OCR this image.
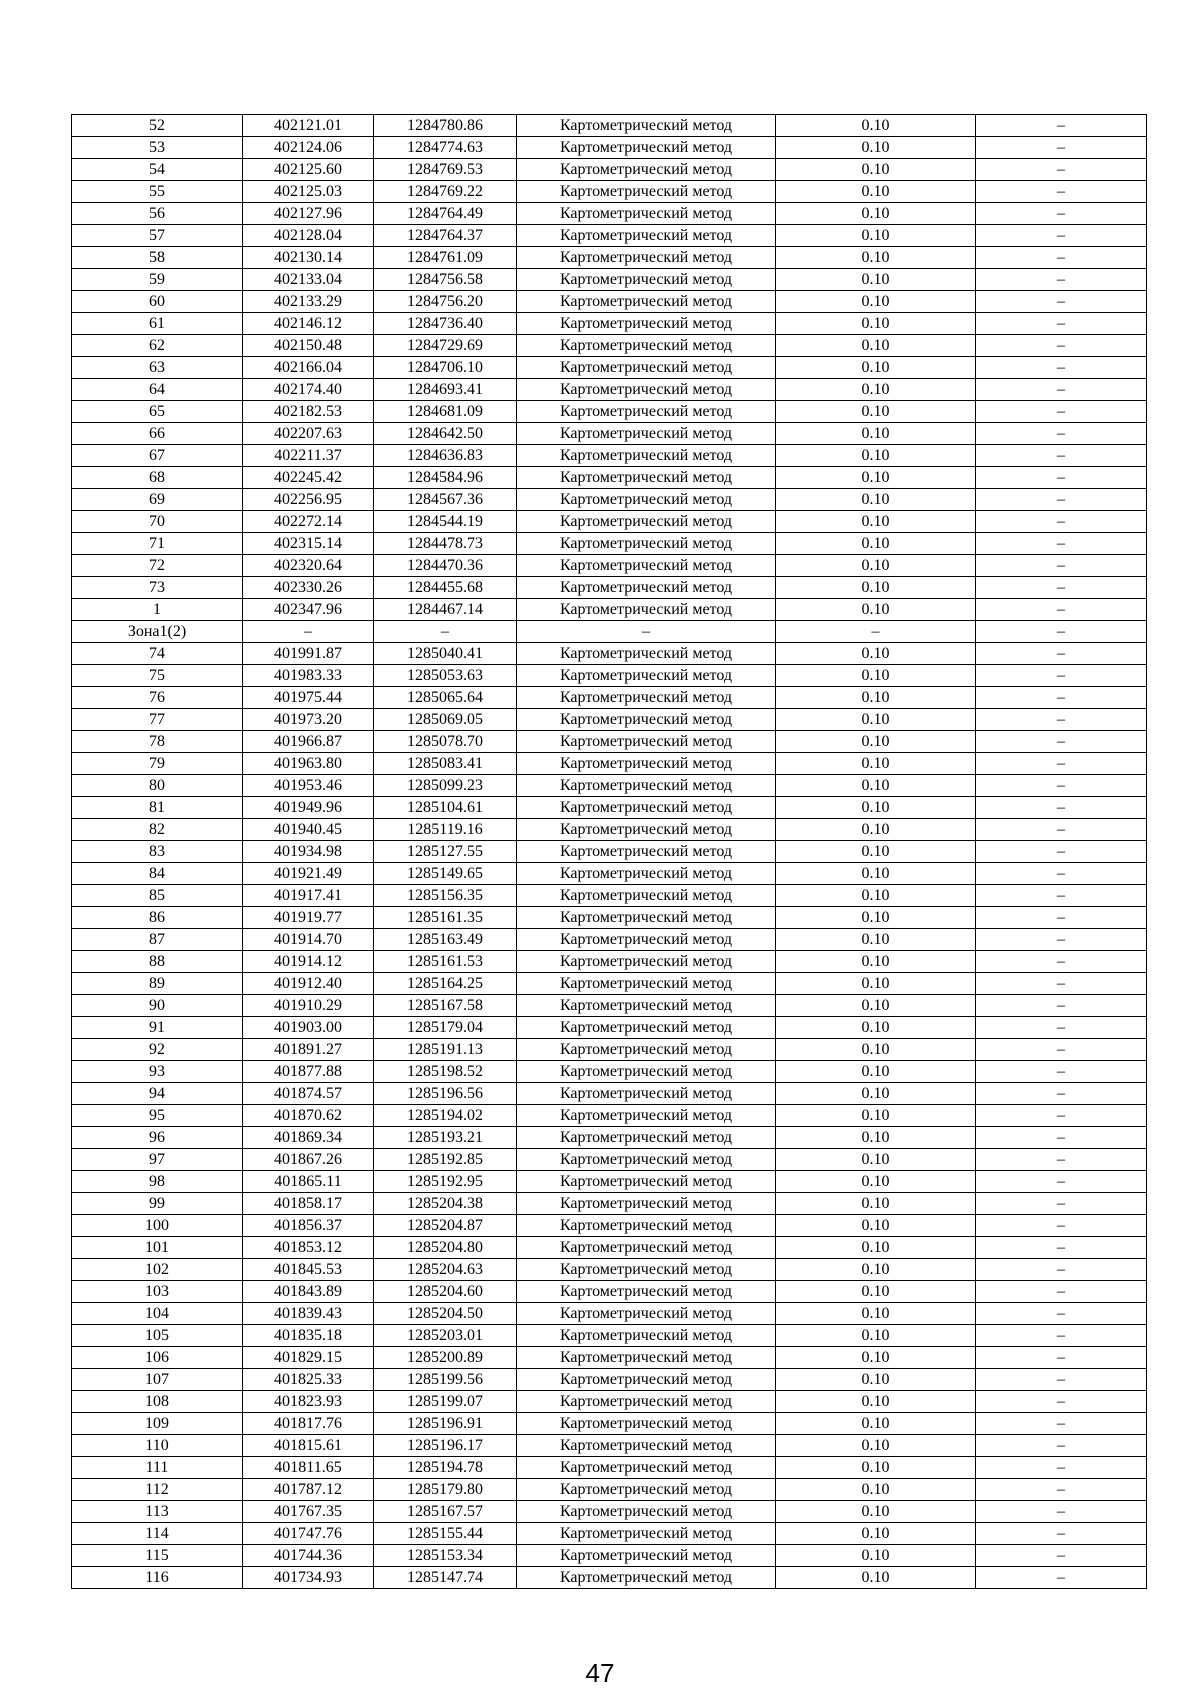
52	402121.01	1284780.86	Картометрический метод	0.10	–
53	402124.06	1284774.63	Картометрический метод	0.10	–
54	402125.60	1284769.53	Картометрический метод	0.10	–
55	402125.03	1284769.22	Картометрический метод	0.10	–
56	402127.96	1284764.49	Картометрический метод	0.10	–
57	402128.04	1284764.37	Картометрический метод	0.10	–
58	402130.14	1284761.09	Картометрический метод	0.10	–
59	402133.04	1284756.58	Картометрический метод	0.10	–
60	402133.29	1284756.20	Картометрический метод	0.10	–
61	402146.12	1284736.40	Картометрический метод	0.10	–
62	402150.48	1284729.69	Картометрический метод	0.10	–
63	402166.04	1284706.10	Картометрический метод	0.10	–
64	402174.40	1284693.41	Картометрический метод	0.10	–
65	402182.53	1284681.09	Картометрический метод	0.10	–
66	402207.63	1284642.50	Картометрический метод	0.10	–
67	402211.37	1284636.83	Картометрический метод	0.10	–
68	402245.42	1284584.96	Картометрический метод	0.10	–
69	402256.95	1284567.36	Картометрический метод	0.10	–
70	402272.14	1284544.19	Картометрический метод	0.10	–
71	402315.14	1284478.73	Картометрический метод	0.10	–
72	402320.64	1284470.36	Картометрический метод	0.10	–
73	402330.26	1284455.68	Картометрический метод	0.10	–
1	402347.96	1284467.14	Картометрический метод	0.10	–
Зона1(2)	–	–	–	–	–
74	401991.87	1285040.41	Картометрический метод	0.10	–
75	401983.33	1285053.63	Картометрический метод	0.10	–
76	401975.44	1285065.64	Картометрический метод	0.10	–
77	401973.20	1285069.05	Картометрический метод	0.10	–
78	401966.87	1285078.70	Картометрический метод	0.10	–
79	401963.80	1285083.41	Картометрический метод	0.10	–
80	401953.46	1285099.23	Картометрический метод	0.10	–
81	401949.96	1285104.61	Картометрический метод	0.10	–
82	401940.45	1285119.16	Картометрический метод	0.10	–
83	401934.98	1285127.55	Картометрический метод	0.10	–
84	401921.49	1285149.65	Картометрический метод	0.10	–
85	401917.41	1285156.35	Картометрический метод	0.10	–
86	401919.77	1285161.35	Картометрический метод	0.10	–
87	401914.70	1285163.49	Картометрический метод	0.10	–
88	401914.12	1285161.53	Картометрический метод	0.10	–
89	401912.40	1285164.25	Картометрический метод	0.10	–
90	401910.29	1285167.58	Картометрический метод	0.10	–
91	401903.00	1285179.04	Картометрический метод	0.10	–
92	401891.27	1285191.13	Картометрический метод	0.10	–
93	401877.88	1285198.52	Картометрический метод	0.10	–
94	401874.57	1285196.56	Картометрический метод	0.10	–
95	401870.62	1285194.02	Картометрический метод	0.10	–
96	401869.34	1285193.21	Картометрический метод	0.10	–
97	401867.26	1285192.85	Картометрический метод	0.10	–
98	401865.11	1285192.95	Картометрический метод	0.10	–
99	401858.17	1285204.38	Картометрический метод	0.10	–
100	401856.37	1285204.87	Картометрический метод	0.10	–
101	401853.12	1285204.80	Картометрический метод	0.10	–
102	401845.53	1285204.63	Картометрический метод	0.10	–
103	401843.89	1285204.60	Картометрический метод	0.10	–
104	401839.43	1285204.50	Картометрический метод	0.10	–
105	401835.18	1285203.01	Картометрический метод	0.10	–
106	401829.15	1285200.89	Картометрический метод	0.10	–
107	401825.33	1285199.56	Картометрический метод	0.10	–
108	401823.93	1285199.07	Картометрический метод	0.10	–
109	401817.76	1285196.91	Картометрический метод	0.10	–
110	401815.61	1285196.17	Картометрический метод	0.10	–
111	401811.65	1285194.78	Картометрический метод	0.10	–
112	401787.12	1285179.80	Картометрический метод	0.10	–
113	401767.35	1285167.57	Картометрический метод	0.10	–
114	401747.76	1285155.44	Картометрический метод	0.10	–
115	401744.36	1285153.34	Картометрический метод	0.10	–
116	401734.93	1285147.74	Картометрический метод	0.10	–
47
